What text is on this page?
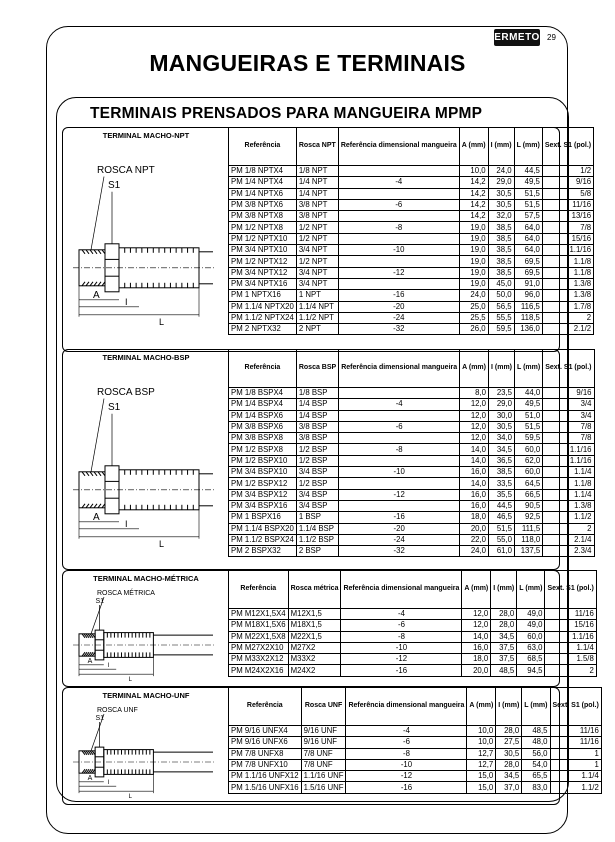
ERMETO 29
MANGUEIRAS E TERMINAIS
TERMINAIS PRENSADOS PARA MANGUEIRA MPMP
TERMINAL MACHO-NPT
ROSCA NPT
S1
A
I
L
Referência	Rosca NPT	Referência dimensional mangueira	A (mm)	I (mm)	L (mm)	Sext. S1 (pol.)
PM 1/8 NPTX4	1/8 NPT		10,0	24,0	44,5	1/2
PM 1/4 NPTX4	1/4 NPT	-4	14,2	29,0	49,5	9/16
PM 1/4 NPTX6	1/4 NPT		14,2	30,5	51,5	5/8
PM 3/8 NPTX6	3/8 NPT	-6	14,2	30,5	51,5	11/16
PM 3/8 NPTX8	3/8 NPT		14,2	32,0	57,5	13/16
PM 1/2 NPTX8	1/2 NPT	-8	19,0	38,5	64,0	7/8
PM 1/2 NPTX10	1/2 NPT		19,0	38,5	64,0	15/16
PM 3/4 NPTX10	3/4 NPT	-10	19,0	38,5	64,0	1.1/16
PM 1/2 NPTX12	1/2 NPT		19,0	38,5	69,5	1.1/8
PM 3/4 NPTX12	3/4 NPT	-12	19,0	38,5	69,5	1.1/8
PM 3/4 NPTX16	3/4 NPT		19,0	45,0	91,0	1.3/8
PM 1 NPTX16	1 NPT	-16	24,0	50,0	96,0	1.3/8
PM 1.1/4 NPTX20	1.1/4 NPT	-20	25,0	56,5	116,5	1.7/8
PM 1.1/2 NPTX24	1.1/2 NPT	-24	25,5	55,5	118,5	2
PM 2 NPTX32	2 NPT	-32	26,0	59,5	136,0	2.1/2
TERMINAL MACHO-BSP
ROSCA BSP
S1
A
I
L
Referência	Rosca BSP	Referência dimensional mangueira	A (mm)	I (mm)	L (mm)	Sext. S1 (pol.)
PM 1/8 BSPX4	1/8 BSP		8,0	23,5	44,0	9/16
PM 1/4 BSPX4	1/4 BSP	-4	12,0	29,0	49,5	3/4
PM 1/4 BSPX6	1/4 BSP		12,0	30,0	51,0	3/4
PM 3/8 BSPX6	3/8 BSP	-6	12,0	30,5	51,5	7/8
PM 3/8 BSPX8	3/8 BSP		12,0	34,0	59,5	7/8
PM 1/2 BSPX8	1/2 BSP	-8	14,0	34,5	60,0	1.1/16
PM 1/2 BSPX10	1/2 BSP		14,0	36,5	62,0	1.1/16
PM 3/4 BSPX10	3/4 BSP	-10	16,0	38,5	60,0	1.1/4
PM 1/2 BSPX12	1/2 BSP		14,0	33,5	64,5	1.1/8
PM 3/4 BSPX12	3/4 BSP	-12	16,0	35,5	66,5	1.1/4
PM 3/4 BSPX16	3/4 BSP		16,0	44,5	90,5	1.3/8
PM 1 BSPX16	1 BSP	-16	18,0	46,5	92,5	1.1/2
PM 1.1/4 BSPX20	1.1/4 BSP	-20	20,0	51,5	111,5	2
PM 1.1/2 BSPX24	1.1/2 BSP	-24	22,0	55,0	118,0	2.1/4
PM 2 BSPX32	2 BSP	-32	24,0	61,0	137,5	2.3/4
TERMINAL MACHO-MÉTRICA
ROSCA MÉTRICA
S1
A
I
L
Referência	Rosca métrica	Referência dimensional mangueira	A (mm)	I (mm)	L (mm)	Sext. S1 (pol.)
PM M12X1,5X4	M12X1,5	-4	12,0	28,0	49,0	11/16
PM M18X1,5X6	M18X1,5	-6	12,0	28,0	49,0	15/16
PM M22X1,5X8	M22X1,5	-8	14,0	34,5	60,0	1.1/16
PM M27X2X10	M27X2	-10	16,0	37,5	63,0	1.1/4
PM M33X2X12	M33X2	-12	18,0	37,5	68,5	1.5/8
PM M24X2X16	M24X2	-16	20,0	48,5	94,5	2
TERMINAL MACHO-UNF
ROSCA UNF
S1
A
I
L
Referência	Rosca UNF	Referência dimensional mangueira	A (mm)	I (mm)	L (mm)	Sext. S1 (pol.)
PM 9/16 UNFX4	9/16 UNF	-4	10,0	28,0	48,5	11/16
PM 9/16 UNFX6	9/16 UNF	-6	10,0	27,5	48,0	11/16
PM 7/8 UNFX8	7/8 UNF	-8	12,7	30,5	56,0	1
PM 7/8 UNFX10	7/8 UNF	-10	12,7	28,0	54,0	1
PM 1.1/16 UNFX12	1.1/16 UNF	-12	15,0	34,5	65,5	1.1/4
PM 1.5/16 UNFX16	1.5/16 UNF	-16	15,0	37,0	83,0	1.1/2
